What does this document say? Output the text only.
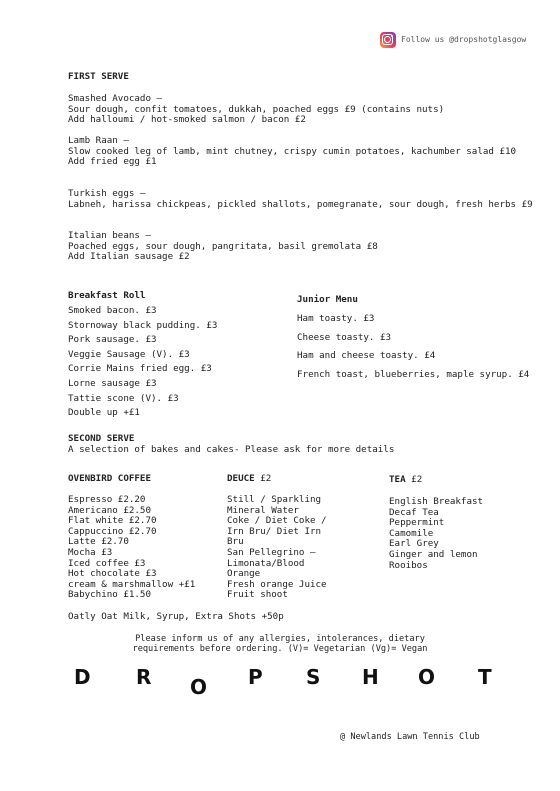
Follow us @dropshotglasgow
FIRST SERVE
Smashed Avocado –
Sour dough, confit tomatoes, dukkah, poached eggs £9 (contains nuts)
Add halloumi / hot-smoked salmon / bacon £2
Lamb Raan –
Slow cooked leg of lamb, mint chutney, crispy cumin potatoes, kachumber salad £10
Add fried egg £1
Turkish eggs –
Labneh, harissa chickpeas, pickled shallots, pomegranate, sour dough, fresh herbs £9
Italian beans –
Poached eggs, sour dough, pangritata, basil gremolata £8
Add Italian sausage £2
Breakfast Roll
Smoked bacon. £3
Stornoway black pudding. £3
Pork sausage. £3
Veggie Sausage (V). £3
Corrie Mains fried egg. £3
Lorne sausage £3
Tattie scone (V). £3
Double up +£1
Junior Menu
Ham toasty. £3
Cheese toasty. £3
Ham and cheese toasty. £4
French toast, blueberries, maple syrup. £4
SECOND SERVE
A selection of bakes and cakes- Please ask for more details
OVENBIRD COFFEE
Espresso £2.20
Americano £2.50
Flat white £2.70
Cappuccino £2.70
Latte £2.70
Mocha £3
Iced coffee £3
Hot chocolate £3
cream & marshmallow +£1
Babychino £1.50
Oatly Oat Milk, Syrup, Extra Shots +50p
DEUCE £2
Still / Sparkling
Mineral Water
Coke / Diet Coke /
Irn Bru/ Diet Irn
Bru
San Pellegrino –
Limonata/Blood
Orange
Fresh orange Juice
Fruit shoot
TEA £2
English Breakfast
Decaf Tea
Peppermint
Camomile
Earl Grey
Ginger and lemon
Rooibos
Please inform us of any allergies, intolerances, dietary
requirements before ordering. (V)= Vegetarian (Vg)= Vegan
D R O P S H O T
@ Newlands Lawn Tennis Club
